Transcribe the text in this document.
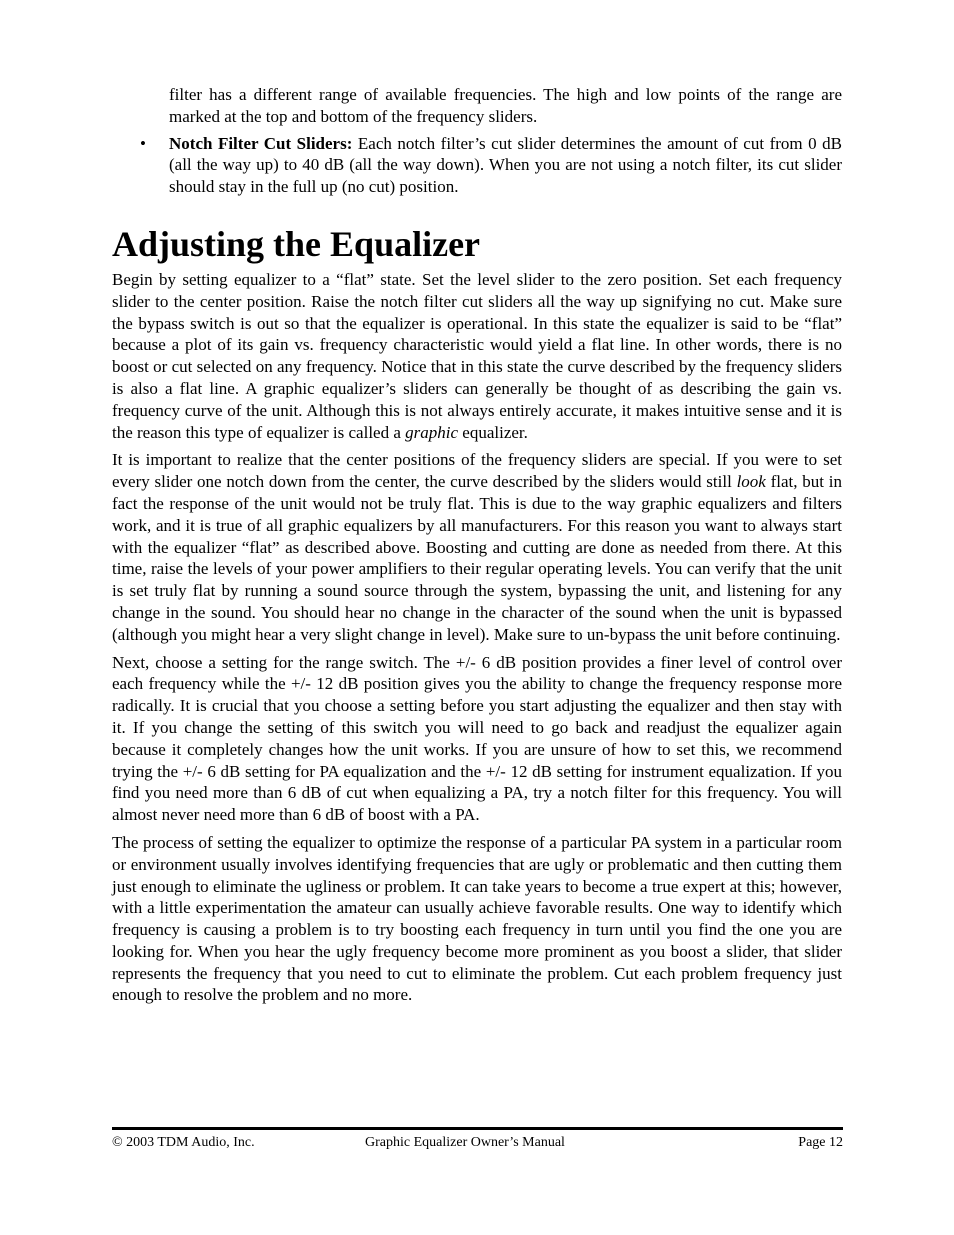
filter has a different range of available frequencies. The high and low points of the range are marked at the top and bottom of the frequency sliders.

• Notch Filter Cut Sliders: Each notch filter’s cut slider determines the amount of cut from 0 dB (all the way up) to 40 dB (all the way down). When you are not using a notch filter, its cut slider should stay in the full up (no cut) position.
Adjusting the Equalizer

Begin by setting equalizer to a “flat” state. Set the level slider to the zero position. Set each frequency slider to the center position. Raise the notch filter cut sliders all the way up signifying no cut. Make sure the bypass switch is out so that the equalizer is operational. In this state the equalizer is said to be “flat” because a plot of its gain vs. frequency characteristic would yield a flat line. In other words, there is no boost or cut selected on any frequency. Notice that in this state the curve described by the frequency sliders is also a flat line. A graphic equalizer’s sliders can generally be thought of as describing the gain vs. frequency curve of the unit. Although this is not always entirely accurate, it makes intuitive sense and it is the reason this type of equalizer is called a graphic equalizer.

It is important to realize that the center positions of the frequency sliders are special. If you were to set every slider one notch down from the center, the curve described by the sliders would still look flat, but in fact the response of the unit would not be truly flat. This is due to the way graphic equalizers and filters work, and it is true of all graphic equalizers by all manufacturers. For this reason you want to always start with the equalizer “flat” as described above. Boosting and cutting are done as needed from there. At this time, raise the levels of your power amplifiers to their regular operating levels. You can verify that the unit is set truly flat by running a sound source through the system, bypassing the unit, and listening for any change in the sound. You should hear no change in the character of the sound when the unit is bypassed (although you might hear a very slight change in level). Make sure to un-bypass the unit before continuing.

Next, choose a setting for the range switch. The +/- 6 dB position provides a finer level of control over each frequency while the +/- 12 dB position gives you the ability to change the frequency response more radically. It is crucial that you choose a setting before you start adjusting the equalizer and then stay with it. If you change the setting of this switch you will need to go back and readjust the equalizer again because it completely changes how the unit works. If you are unsure of how to set this, we recommend trying the +/- 6 dB setting for PA equalization and the +/- 12 dB setting for instrument equalization. If you find you need more than 6 dB of cut when equalizing a PA, try a notch filter for this frequency. You will almost never need more than 6 dB of boost with a PA.

The process of setting the equalizer to optimize the response of a particular PA system in a particular room or environment usually involves identifying frequencies that are ugly or problematic and then cutting them just enough to eliminate the ugliness or problem. It can take years to become a true expert at this; however, with a little experimentation the amateur can usually achieve favorable results. One way to identify which frequency is causing a problem is to try boosting each frequency in turn until you find the one you are looking for. When you hear the ugly frequency become more prominent as you boost a slider, that slider represents the frequency that you need to cut to eliminate the problem. Cut each problem frequency just enough to resolve the problem and no more.

© 2003 TDM Audio, Inc.	Graphic Equalizer Owner’s Manual	Page 12
